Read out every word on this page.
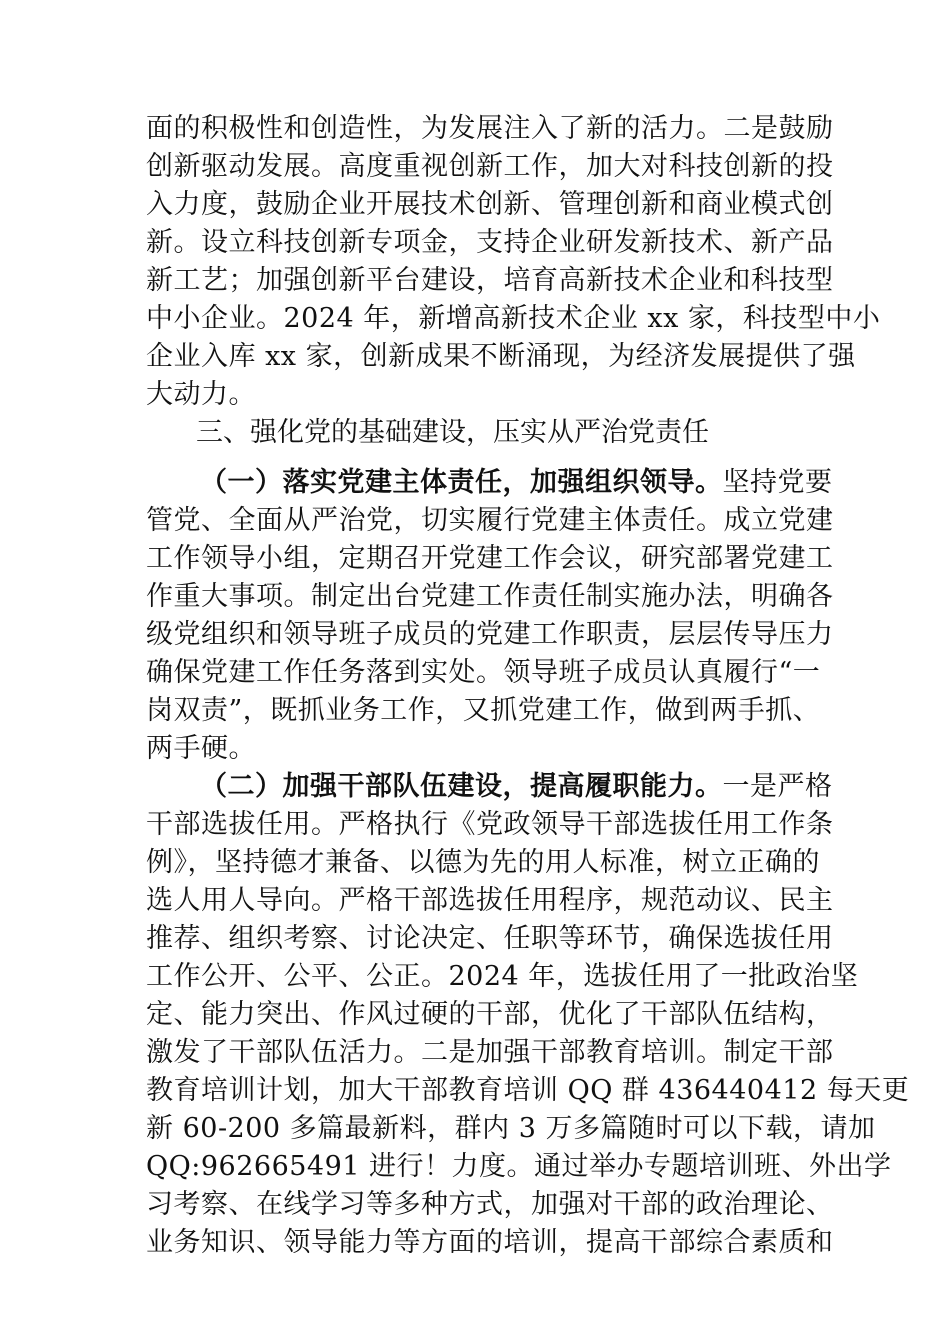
面的积极性和创造性，为发展注入了新的活力。二是鼓励
创新驱动发展。高度重视创新工作，加大对科技创新的投
入力度，鼓励企业开展技术创新、管理创新和商业模式创
新。设立科技创新专项金，支持企业研发新技术、新产品
新工艺；加强创新平台建设，培育高新技术企业和科技型
中小企业。2024 年，新增高新技术企业 xx 家，科技型中小
企业入库 xx 家，创新成果不断涌现，为经济发展提供了强
大动力。
三、强化党的基础建设，压实从严治党责任
（一）落实党建主体责任，加强组织领导。坚持党要
管党、全面从严治党，切实履行党建主体责任。成立党建
工作领导小组，定期召开党建工作会议，研究部署党建工
作重大事项。制定出台党建工作责任制实施办法，明确各
级党组织和领导班子成员的党建工作职责，层层传导压力
确保党建工作任务落到实处。领导班子成员认真履行“一
岗双责”，既抓业务工作，又抓党建工作，做到两手抓、
两手硬。
（二）加强干部队伍建设，提高履职能力。一是严格
干部选拔任用。严格执行《党政领导干部选拔任用工作条
例》，坚持德才兼备、以德为先的用人标准，树立正确的
选人用人导向。严格干部选拔任用程序，规范动议、民主
推荐、组织考察、讨论决定、任职等环节，确保选拔任用
工作公开、公平、公正。2024 年，选拔任用了一批政治坚
定、能力突出、作风过硬的干部，优化了干部队伍结构，
激发了干部队伍活力。二是加强干部教育培训。制定干部
教育培训计划，加大干部教育培训 QQ 群 436440412 每天更
新 60-200 多篇最新料，群内 3 万多篇随时可以下载，请加
QQ:962665491 进行！力度。通过举办专题培训班、外出学
习考察、在线学习等多种方式，加强对干部的政治理论、
业务知识、领导能力等方面的培训，提高干部综合素质和
